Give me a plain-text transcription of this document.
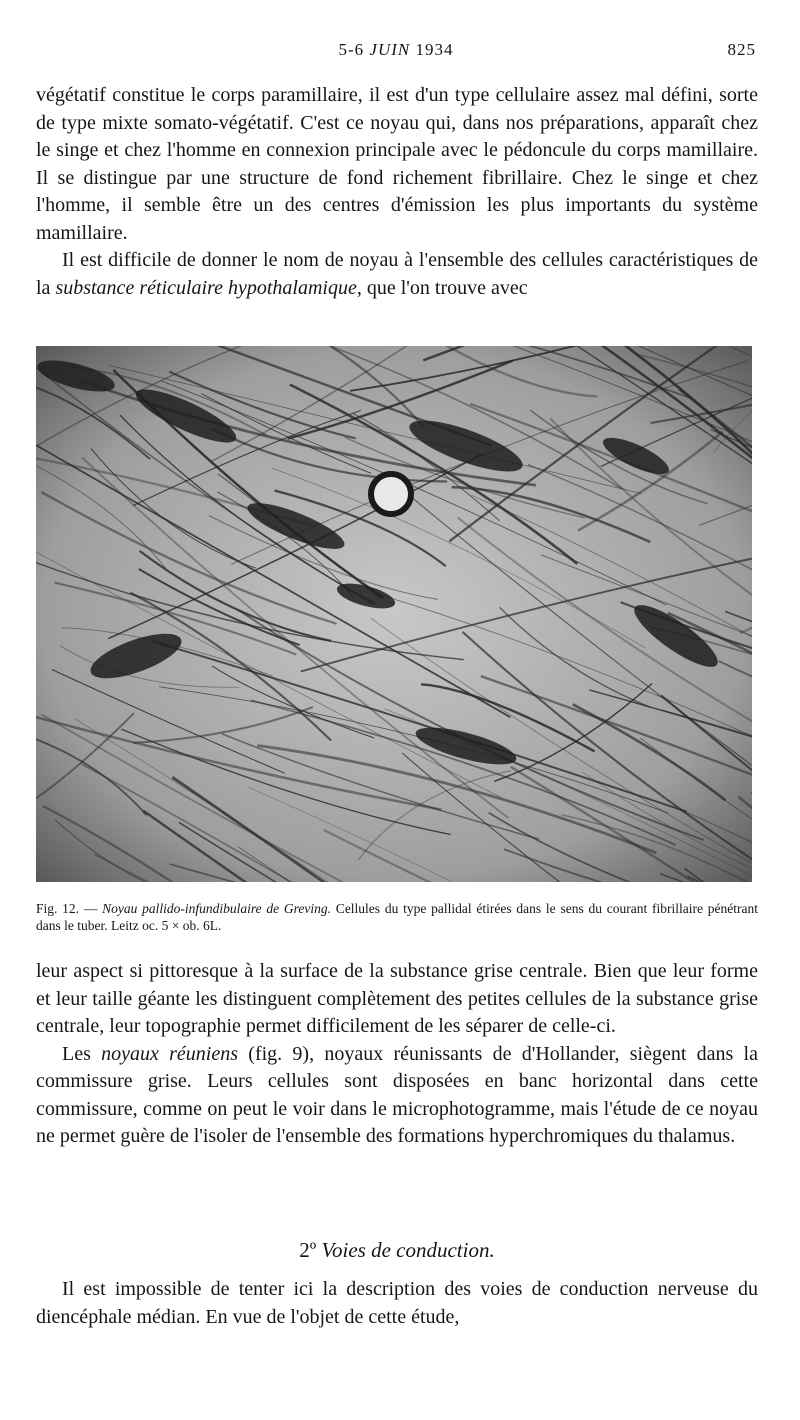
5-6 JUIN 1934	825

végétatif constitue le corps paramillaire, il est d'un type cellulaire assez mal défini, sorte de type mixte somato-végétatif. C'est ce noyau qui, dans nos préparations, apparaît chez le singe et chez l'homme en connexion principale avec le pédoncule du corps mamillaire. Il se distingue par une structure de fond richement fibrillaire. Chez le singe et chez l'homme, il semble être un des centres d'émission les plus importants du système mamillaire.

Il est difficile de donner le nom de noyau à l'ensemble des cellules caractéristiques de la substance réticulaire hypothalamique, que l'on trouve avec

Fig. 12. — Noyau pallido-infundibulaire de Greving. Cellules du type pallidal étirées dans le sens du courant fibrillaire pénétrant dans le tuber. Leitz oc. 5 × ob. 6L.

leur aspect si pittoresque à la surface de la substance grise centrale. Bien que leur forme et leur taille géante les distinguent complètement des petites cellules de la substance grise centrale, leur topographie permet difficilement de les séparer de celle-ci.

Les noyaux réuniens (fig. 9), noyaux réunissants de d'Hollander, siègent dans la commissure grise. Leurs cellules sont disposées en banc horizontal dans cette commissure, comme on peut le voir dans le microphotogramme, mais l'étude de ce noyau ne permet guère de l'isoler de l'ensemble des formations hyperchromiques du thalamus.

2º Voies de conduction.

Il est impossible de tenter ici la description des voies de conduction nerveuse du diencéphale médian. En vue de l'objet de cette étude,
